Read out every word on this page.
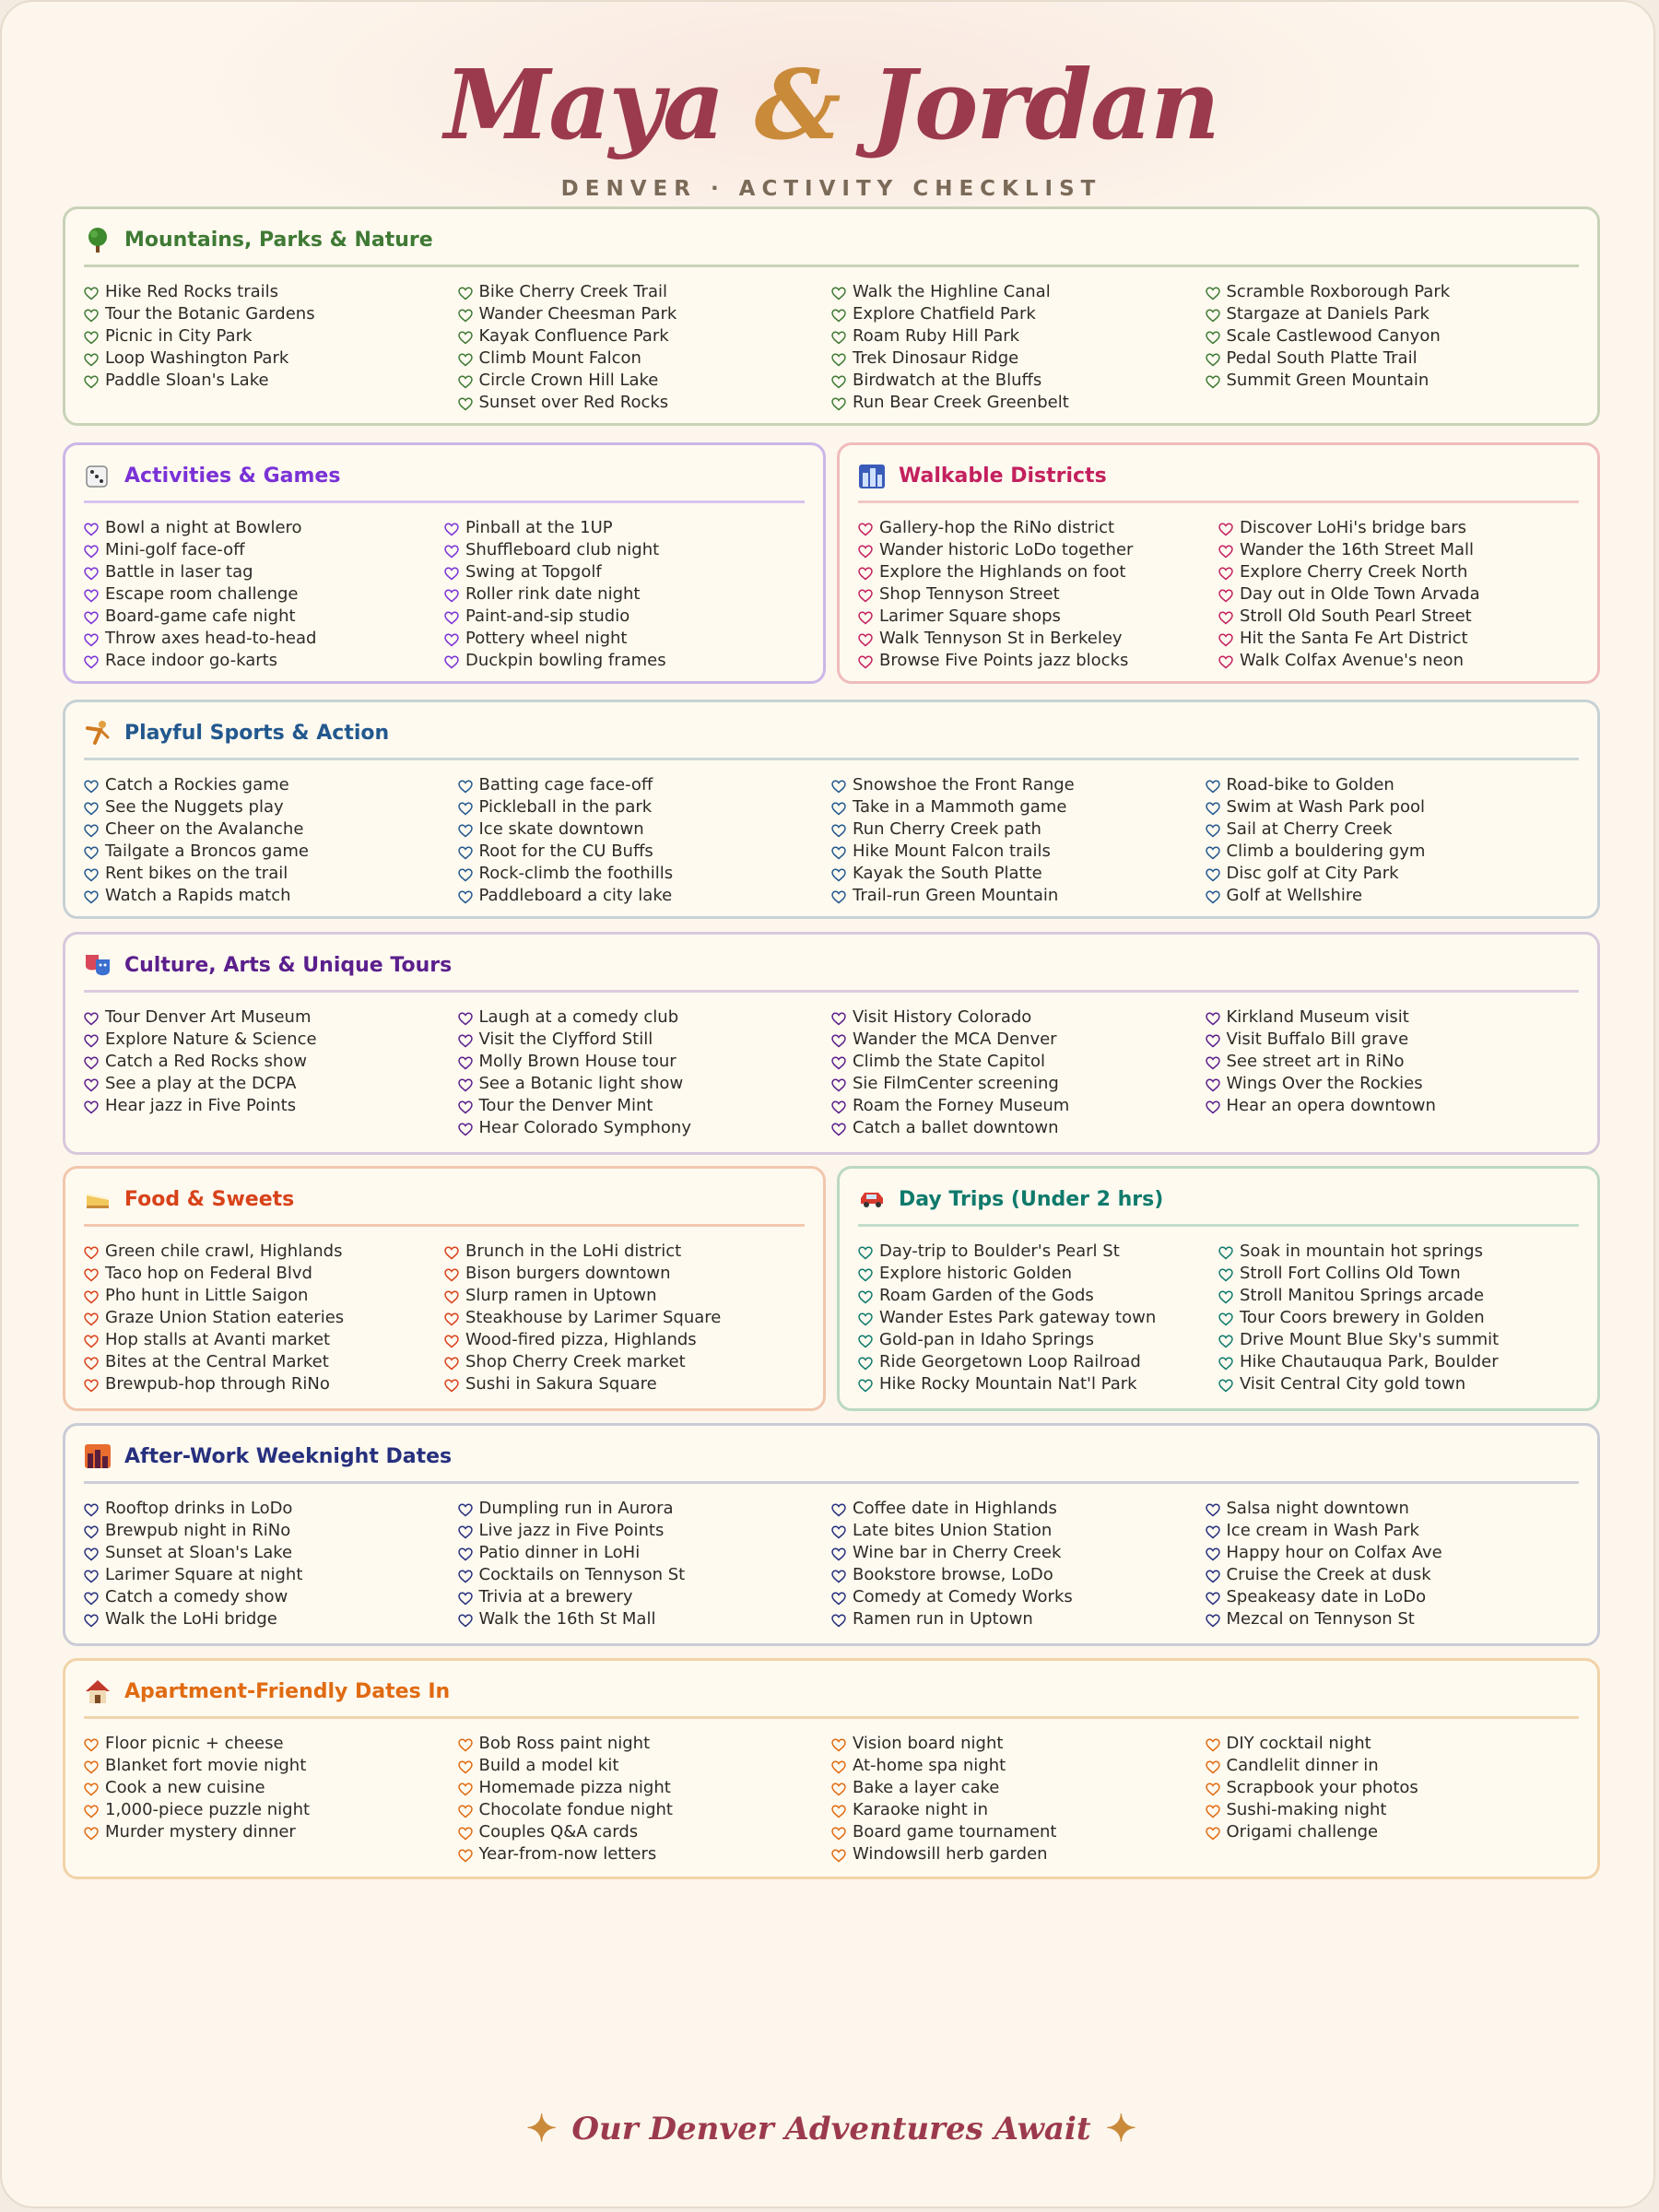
Maya & Jordan
DENVER · ACTIVITY CHECKLIST
Mountains, Parks & Nature
Hike Red Rocks trails
Tour the Botanic Gardens
Picnic in City Park
Loop Washington Park
Paddle Sloan's Lake
Bike Cherry Creek Trail
Wander Cheesman Park
Kayak Confluence Park
Climb Mount Falcon
Circle Crown Hill Lake
Sunset over Red Rocks
Walk the Highline Canal
Explore Chatfield Park
Roam Ruby Hill Park
Trek Dinosaur Ridge
Birdwatch at the Bluffs
Run Bear Creek Greenbelt
Scramble Roxborough Park
Stargaze at Daniels Park
Scale Castlewood Canyon
Pedal South Platte Trail
Summit Green Mountain
Activities & Games
Bowl a night at Bowlero
Mini-golf face-off
Battle in laser tag
Escape room challenge
Board-game cafe night
Throw axes head-to-head
Race indoor go-karts
Pinball at the 1UP
Shuffleboard club night
Swing at Topgolf
Roller rink date night
Paint-and-sip studio
Pottery wheel night
Duckpin bowling frames
Walkable Districts
Gallery-hop the RiNo district
Wander historic LoDo together
Explore the Highlands on foot
Shop Tennyson Street
Larimer Square shops
Walk Tennyson St in Berkeley
Browse Five Points jazz blocks
Discover LoHi's bridge bars
Wander the 16th Street Mall
Explore Cherry Creek North
Day out in Olde Town Arvada
Stroll Old South Pearl Street
Hit the Santa Fe Art District
Walk Colfax Avenue's neon
Playful Sports & Action
Catch a Rockies game
See the Nuggets play
Cheer on the Avalanche
Tailgate a Broncos game
Rent bikes on the trail
Watch a Rapids match
Batting cage face-off
Pickleball in the park
Ice skate downtown
Root for the CU Buffs
Rock-climb the foothills
Paddleboard a city lake
Snowshoe the Front Range
Take in a Mammoth game
Run Cherry Creek path
Hike Mount Falcon trails
Kayak the South Platte
Trail-run Green Mountain
Road-bike to Golden
Swim at Wash Park pool
Sail at Cherry Creek
Climb a bouldering gym
Disc golf at City Park
Golf at Wellshire
Culture, Arts & Unique Tours
Tour Denver Art Museum
Explore Nature & Science
Catch a Red Rocks show
See a play at the DCPA
Hear jazz in Five Points
Laugh at a comedy club
Visit the Clyfford Still
Molly Brown House tour
See a Botanic light show
Tour the Denver Mint
Hear Colorado Symphony
Visit History Colorado
Wander the MCA Denver
Climb the State Capitol
Sie FilmCenter screening
Roam the Forney Museum
Catch a ballet downtown
Kirkland Museum visit
Visit Buffalo Bill grave
See street art in RiNo
Wings Over the Rockies
Hear an opera downtown
Food & Sweets
Green chile crawl, Highlands
Taco hop on Federal Blvd
Pho hunt in Little Saigon
Graze Union Station eateries
Hop stalls at Avanti market
Bites at the Central Market
Brewpub-hop through RiNo
Brunch in the LoHi district
Bison burgers downtown
Slurp ramen in Uptown
Steakhouse by Larimer Square
Wood-fired pizza, Highlands
Shop Cherry Creek market
Sushi in Sakura Square
Day Trips (Under 2 hrs)
Day-trip to Boulder's Pearl St
Explore historic Golden
Roam Garden of the Gods
Wander Estes Park gateway town
Gold-pan in Idaho Springs
Ride Georgetown Loop Railroad
Hike Rocky Mountain Nat'l Park
Soak in mountain hot springs
Stroll Fort Collins Old Town
Stroll Manitou Springs arcade
Tour Coors brewery in Golden
Drive Mount Blue Sky's summit
Hike Chautauqua Park, Boulder
Visit Central City gold town
After-Work Weeknight Dates
Rooftop drinks in LoDo
Brewpub night in RiNo
Sunset at Sloan's Lake
Larimer Square at night
Catch a comedy show
Walk the LoHi bridge
Dumpling run in Aurora
Live jazz in Five Points
Patio dinner in LoHi
Cocktails on Tennyson St
Trivia at a brewery
Walk the 16th St Mall
Coffee date in Highlands
Late bites Union Station
Wine bar in Cherry Creek
Bookstore browse, LoDo
Comedy at Comedy Works
Ramen run in Uptown
Salsa night downtown
Ice cream in Wash Park
Happy hour on Colfax Ave
Cruise the Creek at dusk
Speakeasy date in LoDo
Mezcal on Tennyson St
Apartment-Friendly Dates In
Floor picnic + cheese
Blanket fort movie night
Cook a new cuisine
1,000-piece puzzle night
Murder mystery dinner
Bob Ross paint night
Build a model kit
Homemade pizza night
Chocolate fondue night
Couples Q&A cards
Year-from-now letters
Vision board night
At-home spa night
Bake a layer cake
Karaoke night in
Board game tournament
Windowsill herb garden
DIY cocktail night
Candlelit dinner in
Scrapbook your photos
Sushi-making night
Origami challenge
✦ Our Denver Adventures Await ✦
